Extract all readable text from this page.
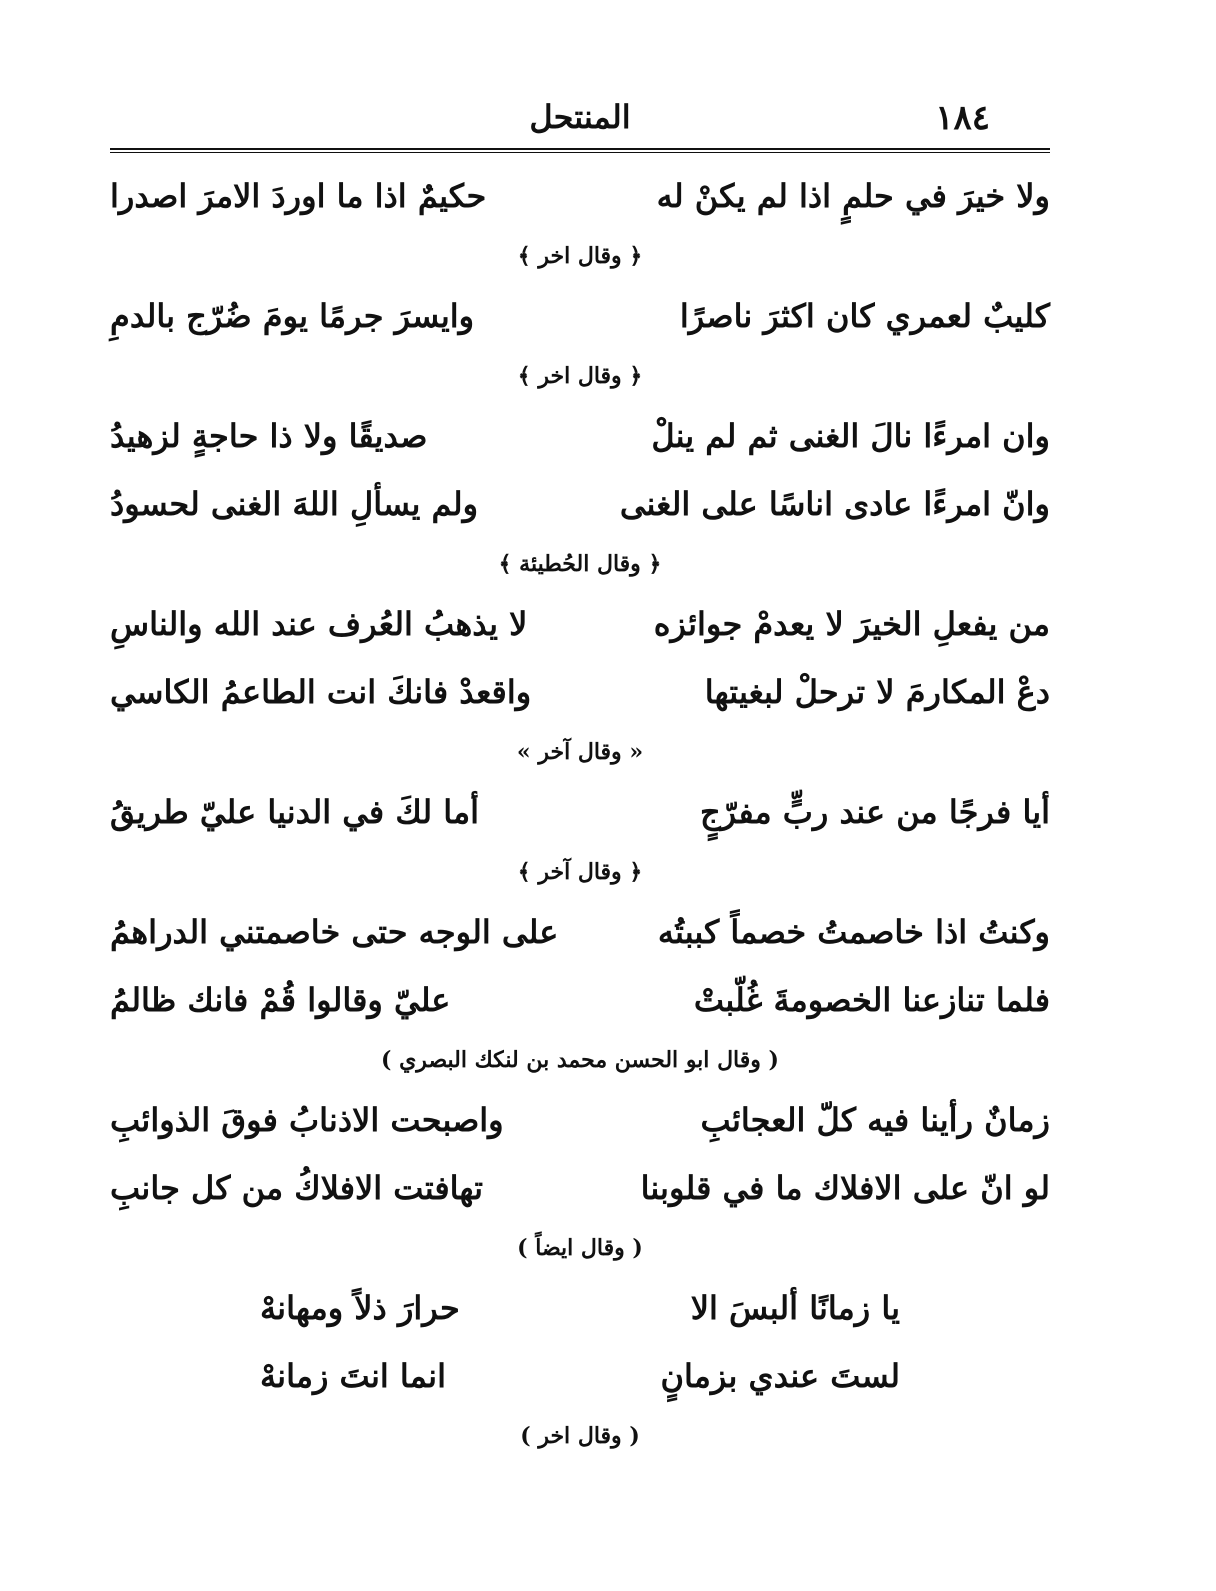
١٨٤
المنتحل
ولا خيرَ في حلمٍ اذا لم يكنْ له
حكيمٌ اذا ما اوردَ الامرَ اصدرا
﴿ وقال اخر ﴾
كليبٌ لعمري كان اكثرَ ناصرًا
وايسرَ جرمًا يومَ ضُرّج بالدمِ
﴿ وقال اخر ﴾
وان امرءًا نالَ الغنى ثم لم ينلْ
صديقًا ولا ذا حاجةٍ لزهيدُ
وانّ امرءًا عادى اناسًا على الغنى
ولم يسألِ اللهَ الغنى لحسودُ
﴿ وقال الحُطيئة ﴾
من يفعلِ الخيرَ لا يعدمْ جوائزه
لا يذهبُ العُرف عند الله والناسِ
دعْ المكارمَ لا ترحلْ لبغيتها
واقعدْ فانكَ انت الطاعمُ الكاسي
« وقال آخر »
أيا فرجًا من عند ربٍّ مفرّجٍ
أما لكَ في الدنيا عليّ طريقُ
﴿ وقال آخر ﴾
وكنتُ اذا خاصمتُ خصماً كببتُه
على الوجه حتى خاصمتني الدراهمُ
فلما تنازعنا الخصومةَ غُلّبتْ
عليّ وقالوا قُمْ فانك ظالمُ
( وقال ابو الحسن محمد بن لنكك البصري )
زمانٌ رأينا فيه كلّ العجائبِ
واصبحت الاذنابُ فوقَ الذوائبِ
لو انّ على الافلاك ما في قلوبنا
تهافتت الافلاكُ من كل جانبِ
( وقال ايضاً )
يا زمانًا ألبسَ الا
حرارَ ذلاً ومهانهْ
لستَ عندي بزمانٍ
انما انتَ زمانهْ
( وقال اخر )
